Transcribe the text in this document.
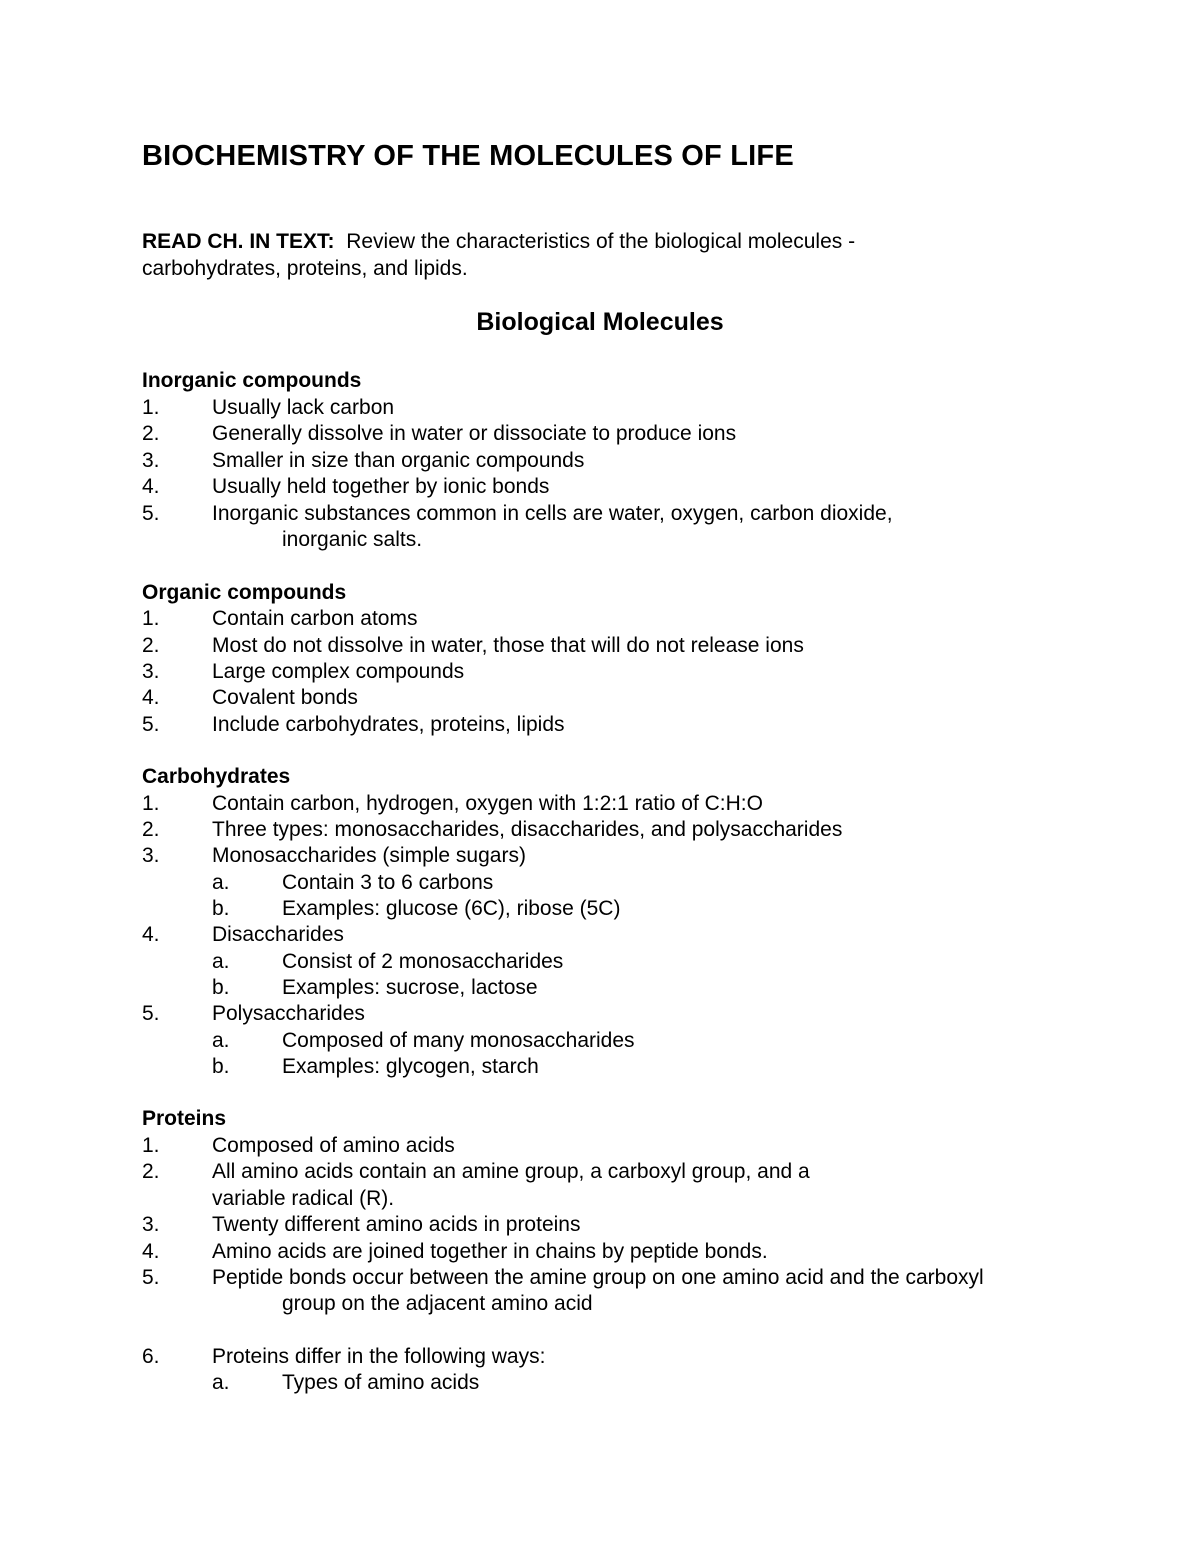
BIOCHEMISTRY OF THE MOLECULES OF LIFE
READ CH. IN TEXT: Review the characteristics of the biological molecules -
carbohydrates, proteins, and lipids.
Biological Molecules
Inorganic compounds
1. Usually lack carbon
2. Generally dissolve in water or dissociate to produce ions
3. Smaller in size than organic compounds
4. Usually held together by ionic bonds
5. Inorganic substances common in cells are water, oxygen, carbon dioxide,
inorganic salts.
Organic compounds
1. Contain carbon atoms
2. Most do not dissolve in water, those that will do not release ions
3. Large complex compounds
4. Covalent bonds
5. Include carbohydrates, proteins, lipids
Carbohydrates
1. Contain carbon, hydrogen, oxygen with 1:2:1 ratio of C:H:O
2. Three types: monosaccharides, disaccharides, and polysaccharides
3. Monosaccharides (simple sugars)
a. Contain 3 to 6 carbons
b. Examples: glucose (6C), ribose (5C)
4. Disaccharides
a. Consist of 2 monosaccharides
b. Examples: sucrose, lactose
5. Polysaccharides
a. Composed of many monosaccharides
b. Examples: glycogen, starch
Proteins
1. Composed of amino acids
2. All amino acids contain an amine group, a carboxyl group, and a
variable radical (R).
3. Twenty different amino acids in proteins
4. Amino acids are joined together in chains by peptide bonds.
5. Peptide bonds occur between the amine group on one amino acid and the carboxyl
group on the adjacent amino acid
6. Proteins differ in the following ways:
a. Types of amino acids
